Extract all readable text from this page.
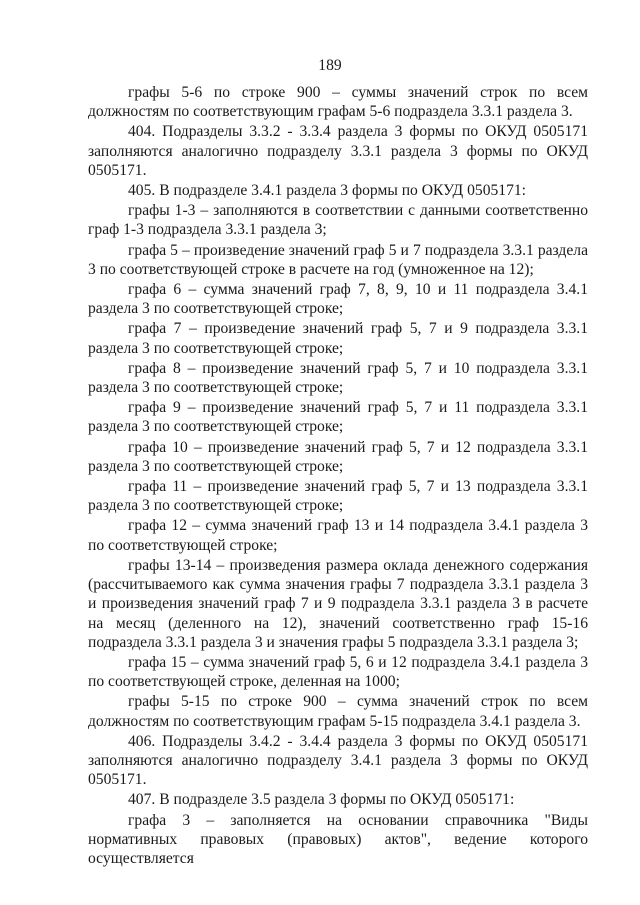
189

графы 5-6 по строке 900 – суммы значений строк по всем должностям по соответствующим графам 5-6 подраздела 3.3.1 раздела 3.

404. Подразделы 3.3.2 - 3.3.4 раздела 3 формы по ОКУД 0505171 заполняются аналогично подразделу 3.3.1 раздела 3 формы по ОКУД 0505171.

405. В подразделе 3.4.1 раздела 3 формы по ОКУД 0505171:

графы 1-3 – заполняются в соответствии с данными соответственно граф 1-3 подраздела 3.3.1 раздела 3;

графа 5 – произведение значений граф 5 и 7 подраздела 3.3.1 раздела 3 по соответствующей строке в расчете на год (умноженное на 12);

графа 6 – сумма значений граф 7, 8, 9, 10 и 11 подраздела 3.4.1 раздела 3 по соответствующей строке;

графа 7 – произведение значений граф 5, 7 и 9 подраздела 3.3.1 раздела 3 по соответствующей строке;

графа 8 – произведение значений граф 5, 7 и 10 подраздела 3.3.1 раздела 3 по соответствующей строке;

графа 9 – произведение значений граф 5, 7 и 11 подраздела 3.3.1 раздела 3 по соответствующей строке;

графа 10 – произведение значений граф 5, 7 и 12 подраздела 3.3.1 раздела 3 по соответствующей строке;

графа 11 – произведение значений граф 5, 7 и 13 подраздела 3.3.1 раздела 3 по соответствующей строке;

графа 12 – сумма значений граф 13 и 14 подраздела 3.4.1 раздела 3 по соответствующей строке;

графы 13-14 – произведения размера оклада денежного содержания (рассчитываемого как сумма значения графы 7 подраздела 3.3.1 раздела 3 и произведения значений граф 7 и 9 подраздела 3.3.1 раздела 3 в расчете на месяц (деленного на 12), значений соответственно граф 15-16 подраздела 3.3.1 раздела 3 и значения графы 5 подраздела 3.3.1 раздела 3;

графа 15 – сумма значений граф 5, 6 и 12 подраздела 3.4.1 раздела 3 по соответствующей строке, деленная на 1000;

графы 5-15 по строке 900 – сумма значений строк по всем должностям по соответствующим графам 5-15 подраздела 3.4.1 раздела 3.

406. Подразделы 3.4.2 - 3.4.4 раздела 3 формы по ОКУД 0505171 заполняются аналогично подразделу 3.4.1 раздела 3 формы по ОКУД 0505171.

407. В подразделе 3.5 раздела 3 формы по ОКУД 0505171:

графа 3 – заполняется на основании справочника "Виды нормативных правовых (правовых) актов", ведение которого осуществляется
